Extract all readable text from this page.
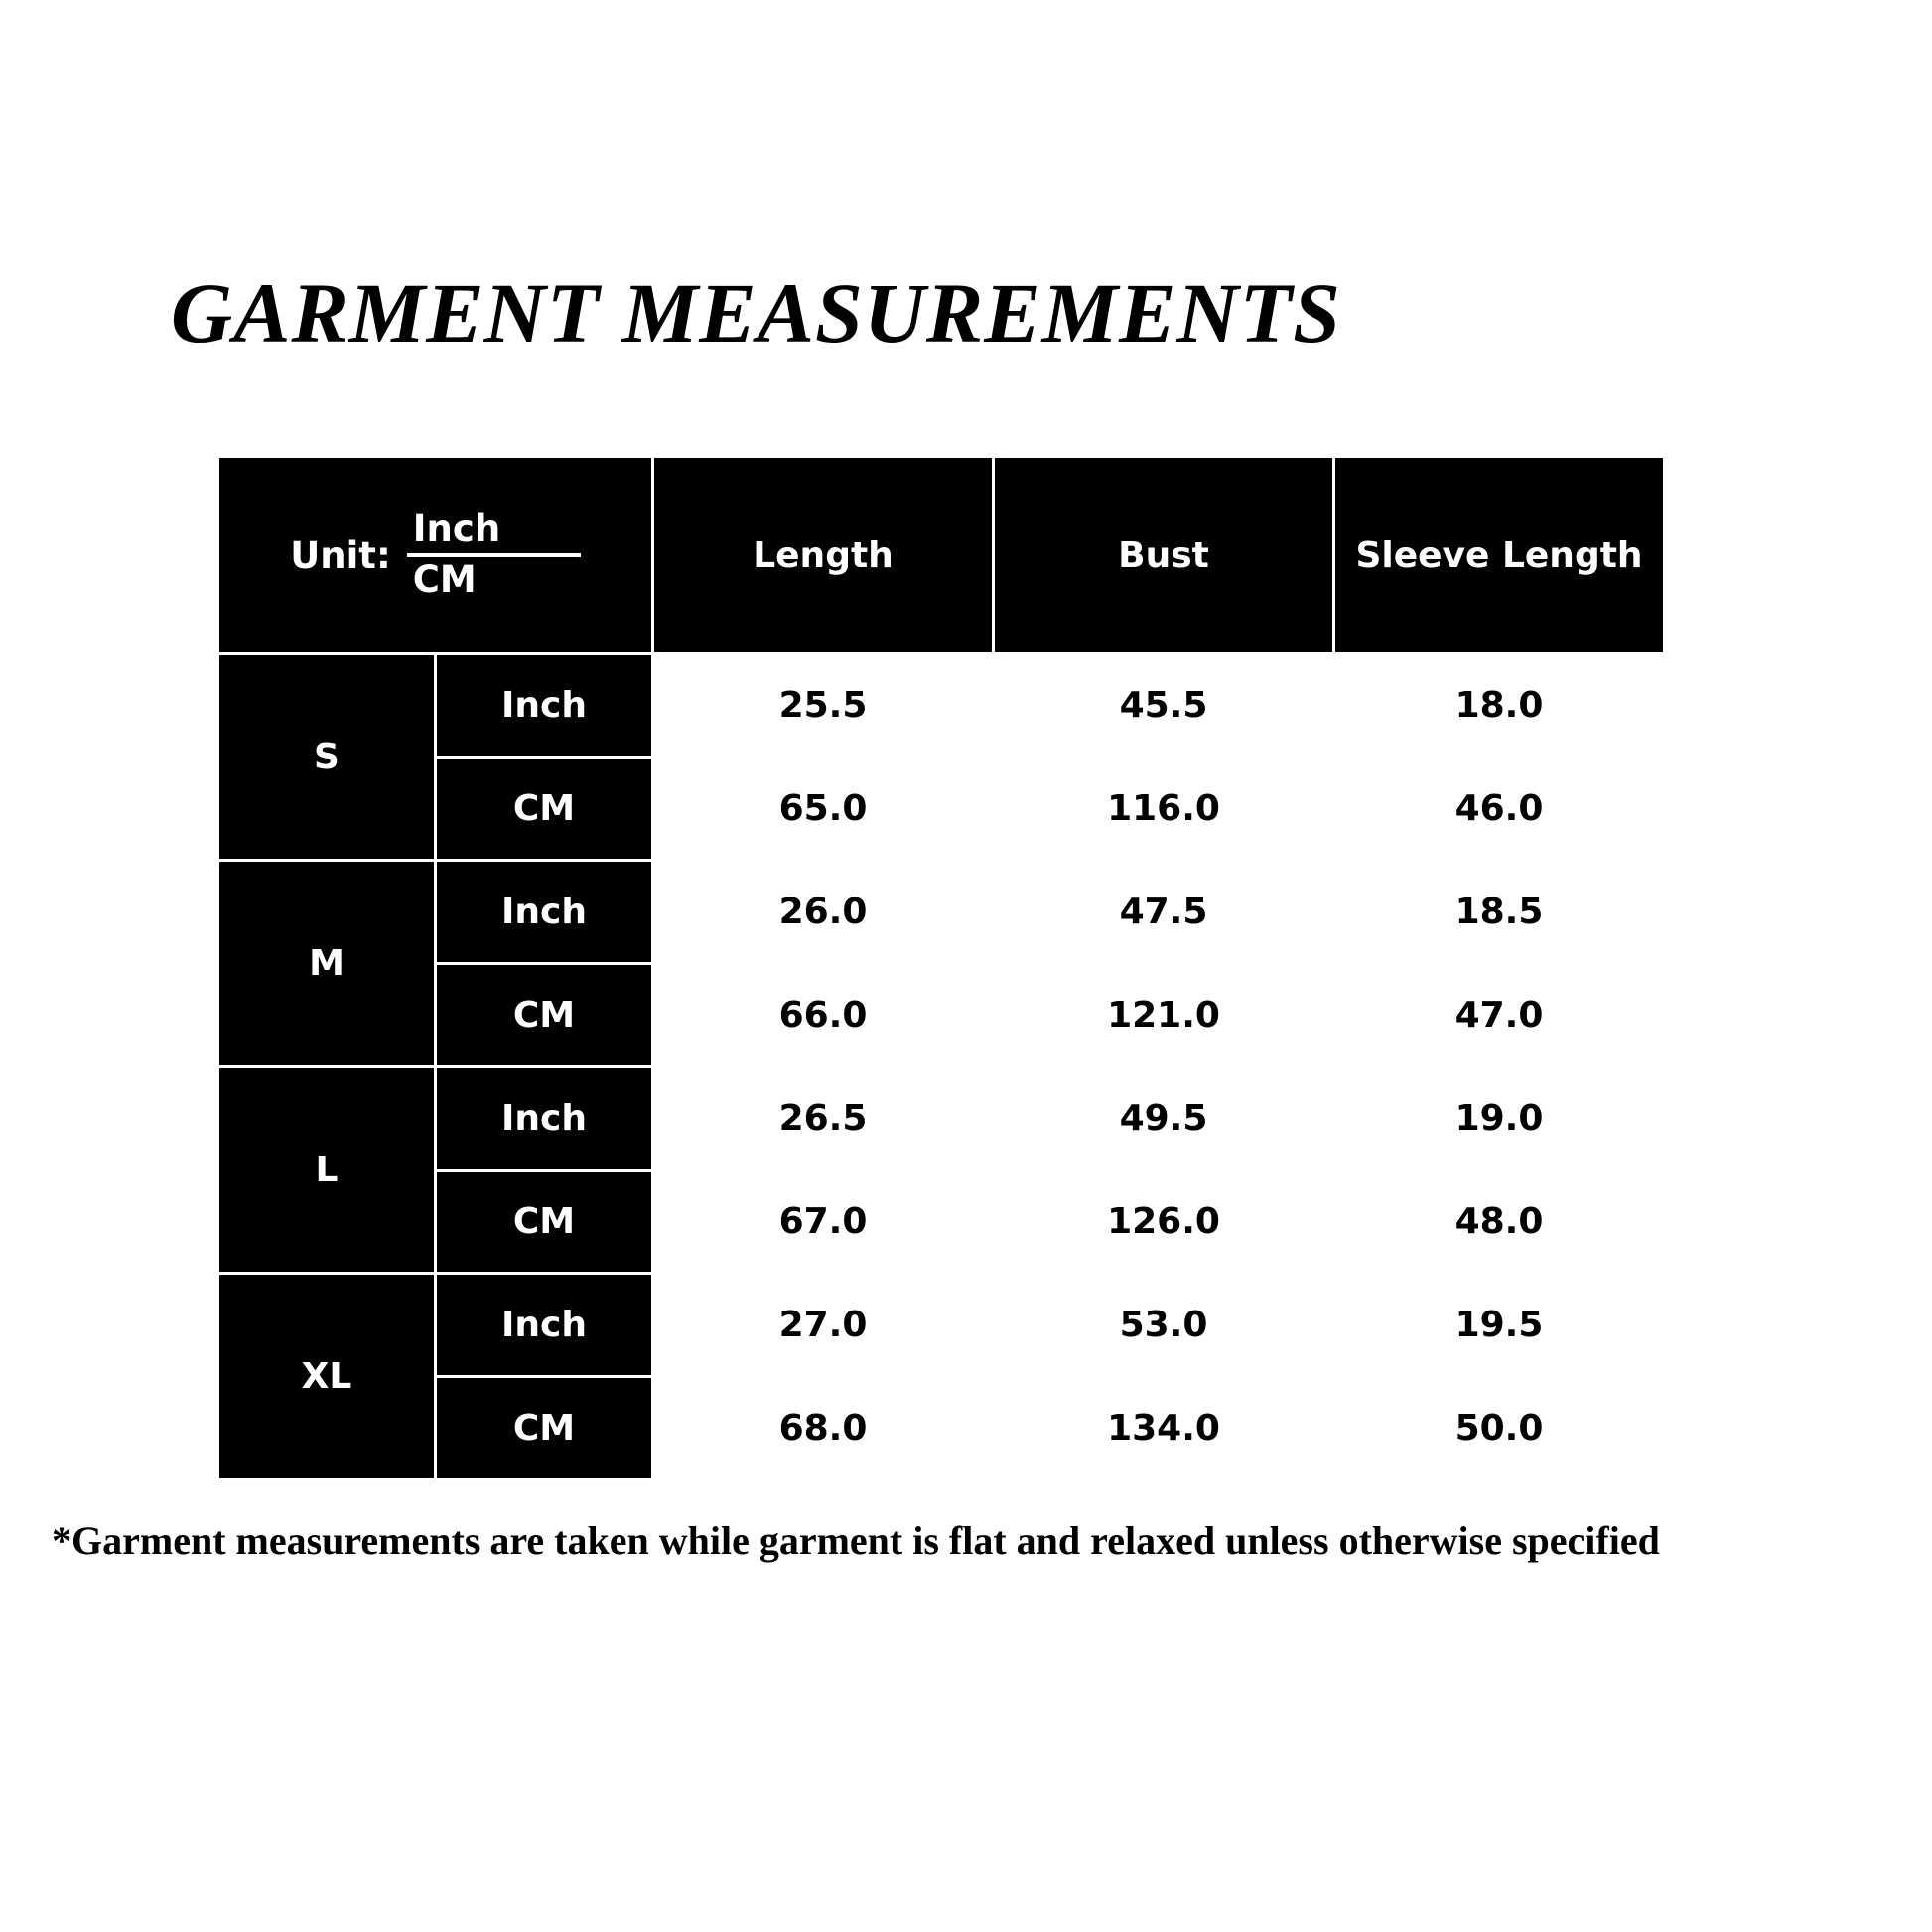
GARMENT MEASUREMENTS
Unit: $\frac{\text{Inch}}{CM}$		Length	Bust	Sleeve Length
S	Inch	25.5	45.5	18.0
	CM	65.0	116.0	46.0
M	Inch	26.0	47.5	18.5
	CM	66.0	121.0	47.0
L	Inch	26.5	49.5	19.0
	CM	67.0	126.0	48.0
XL	Inch	27.0	53.0	19.5
	CM	68.0	134.0	50.0
*Garment measurements are taken while garment is flat and relaxed unless otherwise specified
